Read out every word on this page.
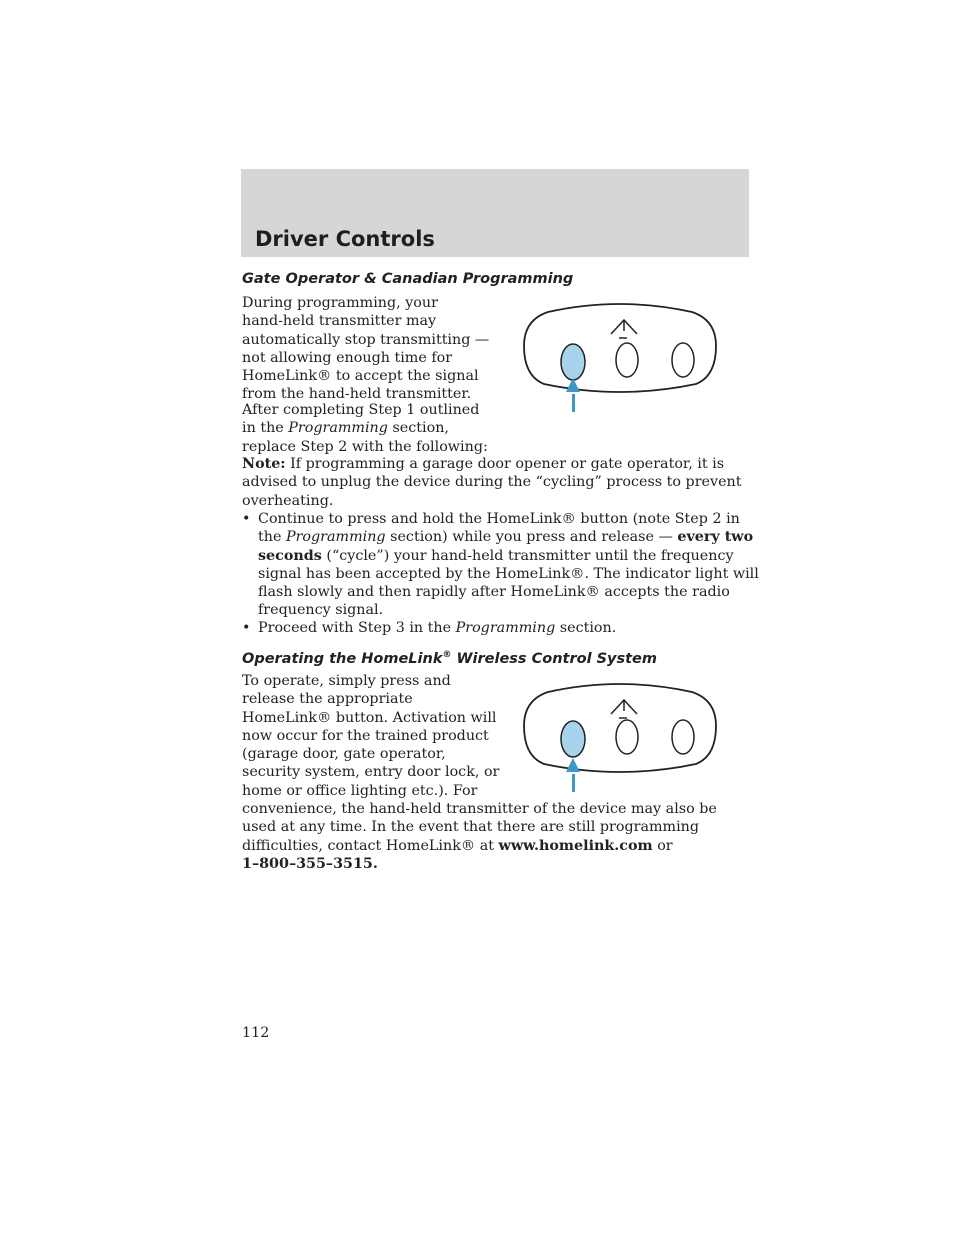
Driver Controls
Gate Operator & Canadian Programming

During programming, your
hand-held transmitter may
automatically stop transmitting —
not allowing enough time for
HomeLink® to accept the signal
from the hand-held transmitter.

After completing Step 1 outlined in the Programming section, replace Step 2 with the following:

Note: If programming a garage door opener or gate operator, it is advised to unplug the device during the “cycling” process to prevent overheating.

• Continue to press and hold the HomeLink® button (note Step 2 in the Programming section) while you press and release — every two seconds (“cycle”) your hand-held transmitter until the frequency signal has been accepted by the HomeLink®. The indicator light will flash slowly and then rapidly after HomeLink® accepts the radio frequency signal.

• Proceed with Step 3 in the Programming section.

Operating the HomeLink® Wireless Control System

To operate, simply press and release the appropriate HomeLink® button. Activation will now occur for the trained product (garage door, gate operator, security system, entry door lock, or home or office lighting etc.). For convenience, the hand-held transmitter of the device may also be used at any time. In the event that there are still programming difficulties, contact HomeLink® at www.homelink.com or
1–800–355–3515.

112
